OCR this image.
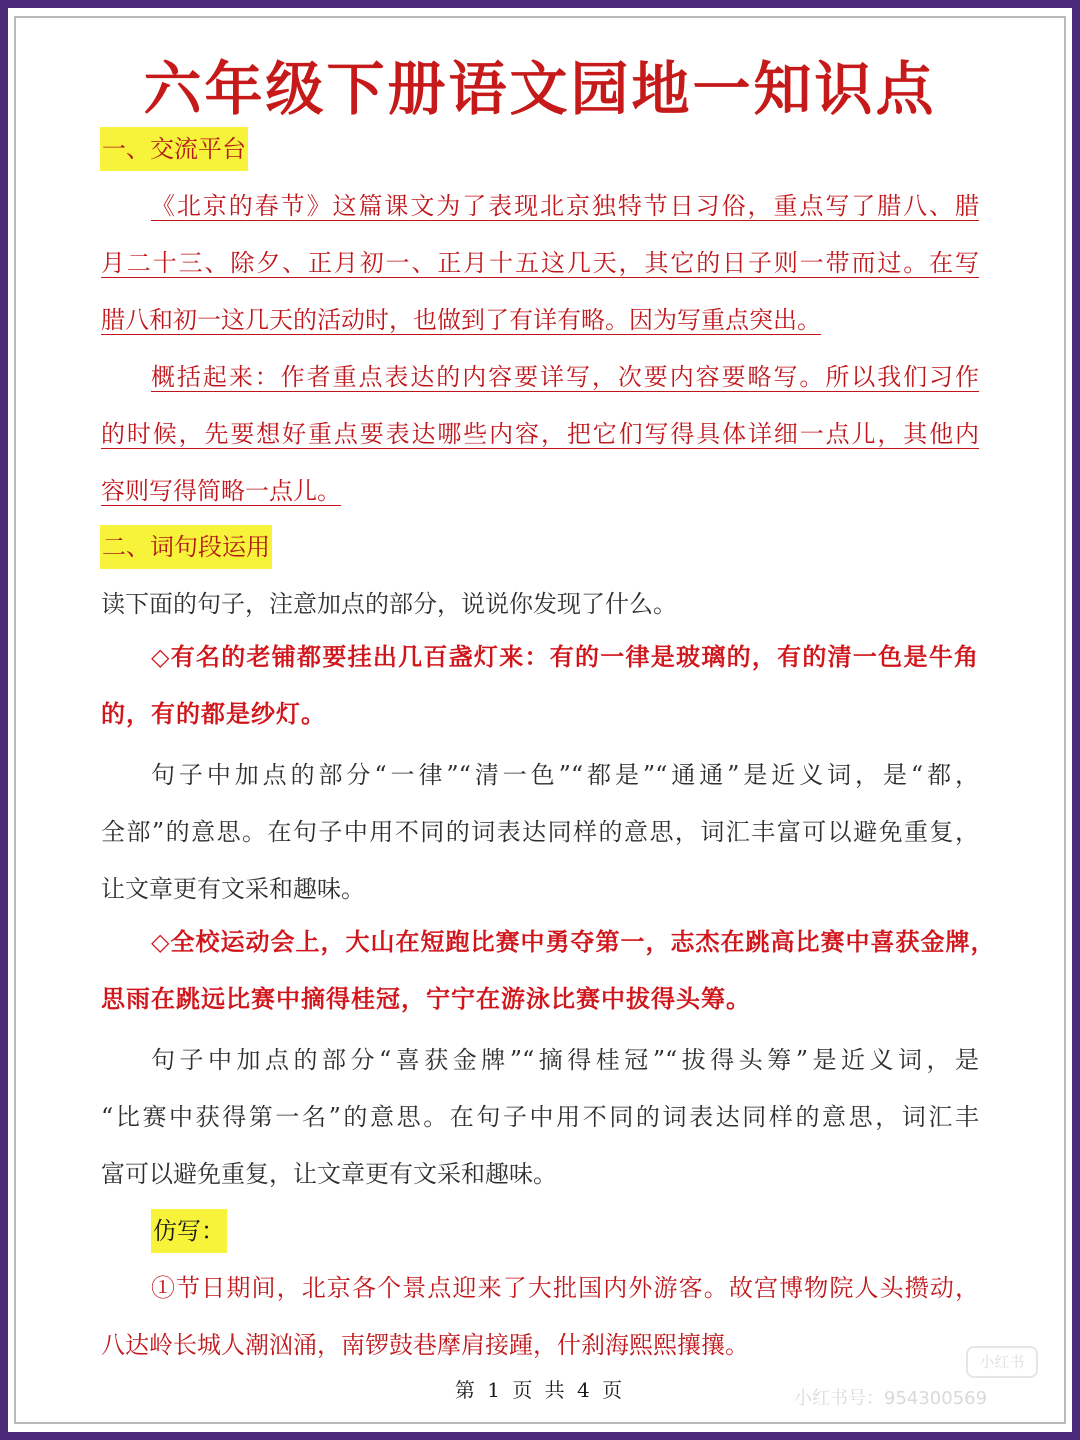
六年级下册语文园地一知识点
一、交流平台
《北京的春节》这篇课文为了表现北京独特节日习俗，重点写了腊八、腊
月二十三、除夕、正月初一、正月十五这几天，其它的日子则一带而过。在写
腊八和初一这几天的活动时，也做到了有详有略。因为写重点突出。
概括起来：作者重点表达的内容要详写，次要内容要略写。所以我们习作
的时候，先要想好重点要表达哪些内容，把它们写得具体详细一点儿，其他内
容则写得简略一点儿。
二、词句段运用
读下面的句子，注意加点的部分，说说你发现了什么。
◇有名的老铺都要挂出几百盏灯来：有的一律是玻璃的，有的清一色是牛角
的，有的都是纱灯。
句子中加点的部分“一律”“清一色”“都是”“通通”是近义词，是“都，
全部”的意思。在句子中用不同的词表达同样的意思，词汇丰富可以避免重复，
让文章更有文采和趣味。
◇全校运动会上，大山在短跑比赛中勇夺第一，志杰在跳高比赛中喜获金牌，
思雨在跳远比赛中摘得桂冠，宁宁在游泳比赛中拔得头筹。
句子中加点的部分“喜获金牌”“摘得桂冠”“拔得头筹”是近义词，是
“比赛中获得第一名”的意思。在句子中用不同的词表达同样的意思，词汇丰
富可以避免重复，让文章更有文采和趣味。
仿写：
①节日期间，北京各个景点迎来了大批国内外游客。故宫博物院人头攒动，
八达岭长城人潮汹涌，南锣鼓巷摩肩接踵，什刹海熙熙攘攘。
第 1 页 共 4 页
小红书
小红书号：954300569
